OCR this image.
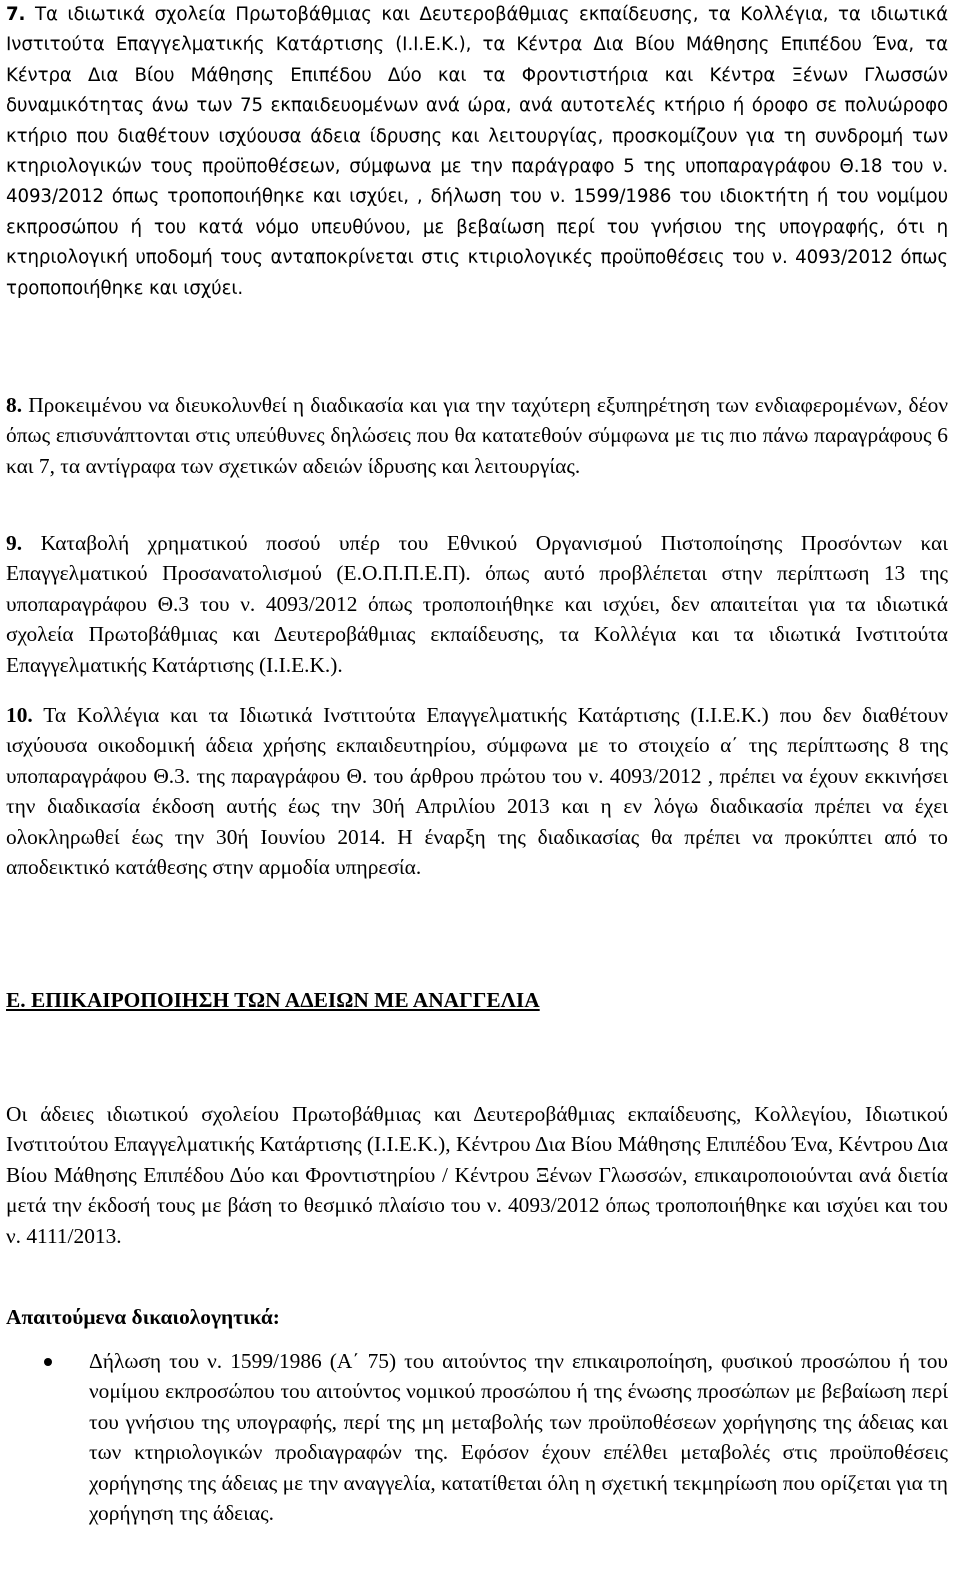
7. Τα ιδιωτικά σχολεία Πρωτοβάθμιας και Δευτεροβάθμιας εκπαίδευσης, τα Κολλέγια, τα ιδιωτικά Ινστιτούτα Επαγγελματικής Κατάρτισης (Ι.Ι.Ε.Κ.), τα Κέντρα Δια Βίου Μάθησης Επιπέδου Ένα, τα Κέντρα Δια Βίου Μάθησης Επιπέδου Δύο και τα Φροντιστήρια και Κέντρα Ξένων Γλωσσών δυναμικότητας άνω των 75 εκπαιδευομένων ανά ώρα, ανά αυτοτελές κτήριο ή όροφο σε πολυώροφο κτήριο που διαθέτουν ισχύουσα άδεια ίδρυσης και λειτουργίας, προσκομίζουν για τη συνδρομή των κτηριολογικών τους προϋποθέσεων, σύμφωνα με την παράγραφο 5 της υποπαραγράφου Θ.18 του ν. 4093/2012 όπως τροποποιήθηκε και ισχύει, , δήλωση του ν. 1599/1986 του ιδιοκτήτη ή του νομίμου εκπροσώπου ή του κατά νόμο υπευθύνου, με βεβαίωση περί του γνήσιου της υπογραφής, ότι η κτηριολογική υποδομή τους ανταποκρίνεται στις κτιριολογικές προϋποθέσεις του ν. 4093/2012 όπως τροποποιήθηκε και ισχύει.

8. Προκειμένου να διευκολυνθεί η διαδικασία και για την ταχύτερη εξυπηρέτηση των ενδιαφερομένων, δέον όπως επισυνάπτονται στις υπεύθυνες δηλώσεις που θα κατατεθούν σύμφωνα με τις πιο πάνω παραγράφους 6 και 7, τα αντίγραφα των σχετικών αδειών ίδρυσης και λειτουργίας.

9. Καταβολή χρηματικού ποσού υπέρ του Εθνικού Οργανισμού Πιστοποίησης Προσόντων και Επαγγελματικού Προσανατολισμού (Ε.Ο.Π.Π.Ε.Π). όπως αυτό προβλέπεται στην περίπτωση 13 της υποπαραγράφου Θ.3 του ν. 4093/2012 όπως τροποποιήθηκε και ισχύει, δεν απαιτείται για τα ιδιωτικά σχολεία Πρωτοβάθμιας και Δευτεροβάθμιας εκπαίδευσης, τα Κολλέγια και τα ιδιωτικά Ινστιτούτα Επαγγελματικής Κατάρτισης (Ι.Ι.Ε.Κ.).

10. Τα Κολλέγια και τα Ιδιωτικά Ινστιτούτα Επαγγελματικής Κατάρτισης (Ι.Ι.Ε.Κ.) που δεν διαθέτουν ισχύουσα οικοδομική άδεια χρήσης εκπαιδευτηρίου, σύμφωνα με το στοιχείο α΄ της περίπτωσης 8 της υποπαραγράφου Θ.3. της παραγράφου Θ. του άρθρου πρώτου του ν. 4093/2012 , πρέπει να έχουν εκκινήσει την διαδικασία έκδοση αυτής έως την 30ή Απριλίου 2013 και η εν λόγω διαδικασία πρέπει να έχει ολοκληρωθεί έως την 30ή Ιουνίου 2014. Η έναρξη της διαδικασίας θα πρέπει να προκύπτει από το αποδεικτικό κατάθεσης στην αρμοδία υπηρεσία.

Ε. ΕΠΙΚΑΙΡΟΠΟΙΗΣΗ ΤΩΝ ΑΔΕΙΩΝ ΜΕ ΑΝΑΓΓΕΛΙΑ

Οι άδειες ιδιωτικού σχολείου Πρωτοβάθμιας και Δευτεροβάθμιας εκπαίδευσης, Κολλεγίου, Ιδιωτικού Ινστιτούτου Επαγγελματικής Κατάρτισης (Ι.Ι.Ε.Κ.), Κέντρου Δια Βίου Μάθησης Επιπέδου Ένα, Κέντρου Δια Βίου Μάθησης Επιπέδου Δύο και Φροντιστηρίου / Κέντρου Ξένων Γλωσσών, επικαιροποιούνται ανά διετία μετά την έκδοσή τους με βάση το θεσμικό πλαίσιο του ν. 4093/2012 όπως τροποποιήθηκε και ισχύει και του ν. 4111/2013.

Απαιτούμενα δικαιολογητικά:
Δήλωση του ν. 1599/1986 (Α΄ 75) του αιτούντος την επικαιροποίηση, φυσικού προσώπου ή του νομίμου εκπροσώπου του αιτούντος νομικού προσώπου ή της ένωσης προσώπων με βεβαίωση περί του γνήσιου της υπογραφής, περί της μη μεταβολής των προϋποθέσεων χορήγησης της άδειας και των κτηριολογικών προδιαγραφών της. Εφόσον έχουν επέλθει μεταβολές στις προϋποθέσεις χορήγησης της άδειας με την αναγγελία, κατατίθεται όλη η σχετική τεκμηρίωση που ορίζεται για τη χορήγηση της άδειας.
